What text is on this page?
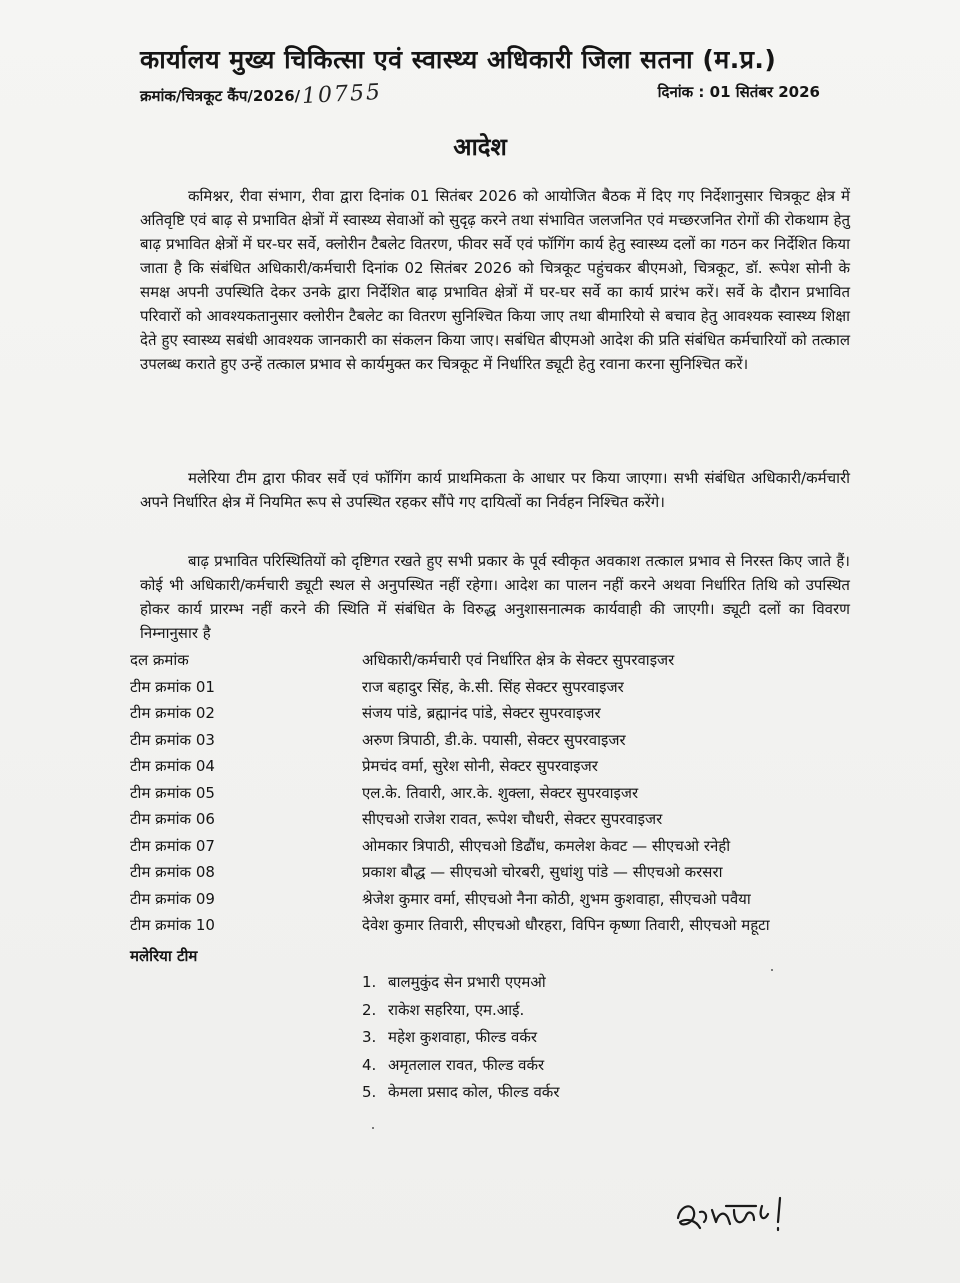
कार्यालय मुख्य चिकित्सा एवं स्वास्थ्य अधिकारी जिला सतना (म.प्र.)
क्रमांक/चित्रकूट कैंप/2026/10755	दिनांक : 01 सितंबर 2026
आदेश
कमिश्नर, रीवा संभाग, रीवा द्वारा दिनांक 01 सितंबर 2026 को आयोजित बैठक में दिए गए निर्देशानुसार चित्रकूट क्षेत्र में अतिवृष्टि एवं बाढ़ से प्रभावित क्षेत्रों में स्वास्थ्य सेवाओं को सुदृढ़ करने तथा संभावित जलजनित एवं मच्छरजनित रोगों की रोकथाम हेतु बाढ़ प्रभावित क्षेत्रों में घर-घर सर्वे, क्लोरीन टैबलेट वितरण, फीवर सर्वे एवं फॉगिंग कार्य हेतु स्वास्थ्य दलों का गठन कर निर्देशित किया जाता है कि संबंधित अधिकारी/कर्मचारी दिनांक 02 सितंबर 2026 को चित्रकूट पहुंचकर बीएमओ, चित्रकूट, डॉ. रूपेश सोनी के समक्ष अपनी उपस्थिति देकर उनके द्वारा निर्देशित बाढ़ प्रभावित क्षेत्रों में घर-घर सर्वे का कार्य प्रारंभ करें। सर्वे के दौरान प्रभावित परिवारों को आवश्यकतानुसार क्लोरीन टैबलेट का वितरण सुनिश्चित किया जाए तथा बीमारियो से बचाव हेतु आवश्यक स्वास्थ्य शिक्षा देते हुए स्वास्थ्य सबंधी आवश्यक जानकारी का संकलन किया जाए। सबंधित बीएमओ आदेश की प्रति संबंधित कर्मचारियों को तत्काल उपलब्ध कराते हुए उन्हें तत्काल प्रभाव से कार्यमुक्त कर चित्रकूट में निर्धारित ड्यूटी हेतु रवाना करना सुनिश्चित करें।
मलेरिया टीम द्वारा फीवर सर्वे एवं फॉगिंग कार्य प्राथमिकता के आधार पर किया जाएगा। सभी संबंधित अधिकारी/कर्मचारी अपने निर्धारित क्षेत्र में नियमित रूप से उपस्थित रहकर सौंपे गए दायित्वों का निर्वहन निश्चित करेंगे।
बाढ़ प्रभावित परिस्थितियों को दृष्टिगत रखते हुए सभी प्रकार के पूर्व स्वीकृत अवकाश तत्काल प्रभाव से निरस्त किए जाते हैं। कोई भी अधिकारी/कर्मचारी ड्यूटी स्थल से अनुपस्थित नहीं रहेगा। आदेश का पालन नहीं करने अथवा निर्धारित तिथि को उपस्थित होकर कार्य प्रारम्भ नहीं करने की स्थिति में संबंधित के विरुद्ध अनुशासनात्मक कार्यवाही की जाएगी। ड्यूटी दलों का विवरण निम्नानुसार है
दल क्रमांक	अधिकारी/कर्मचारी एवं निर्धारित क्षेत्र के सेक्टर सुपरवाइजर
टीम क्रमांक 01	राज बहादुर सिंह, के.सी. सिंह सेक्टर सुपरवाइजर
टीम क्रमांक 02	संजय पांडे, ब्रह्मानंद पांडे, सेक्टर सुपरवाइजर
टीम क्रमांक 03	अरुण त्रिपाठी, डी.के. पयासी, सेक्टर सुपरवाइजर
टीम क्रमांक 04	प्रेमचंद वर्मा, सुरेश सोनी, सेक्टर सुपरवाइजर
टीम क्रमांक 05	एल.के. तिवारी, आर.के. शुक्ला, सेक्टर सुपरवाइजर
टीम क्रमांक 06	सीएचओ राजेश रावत, रूपेश चौधरी, सेक्टर सुपरवाइजर
टीम क्रमांक 07	ओमकार त्रिपाठी, सीएचओ डिढौंध, कमलेश केवट — सीएचओ रनेही
टीम क्रमांक 08	प्रकाश बौद्ध — सीएचओ चोरबरी, सुधांशु पांडे — सीएचओ करसरा
टीम क्रमांक 09	श्रेजेश कुमार वर्मा, सीएचओ नैना कोठी, शुभम कुशवाहा, सीएचओ पवैया
टीम क्रमांक 10	देवेश कुमार तिवारी, सीएचओ धौरहरा, विपिन कृष्णा तिवारी, सीएचओ महूटा
मलेरिया टीम
1. बालमुकुंद सेन प्रभारी एएमओ
2. राकेश सहरिया, एम.आई.
3. महेश कुशवाहा, फील्ड वर्कर
4. अमृतलाल रावत, फील्ड वर्कर
5. केमला प्रसाद कोल, फील्ड वर्कर
